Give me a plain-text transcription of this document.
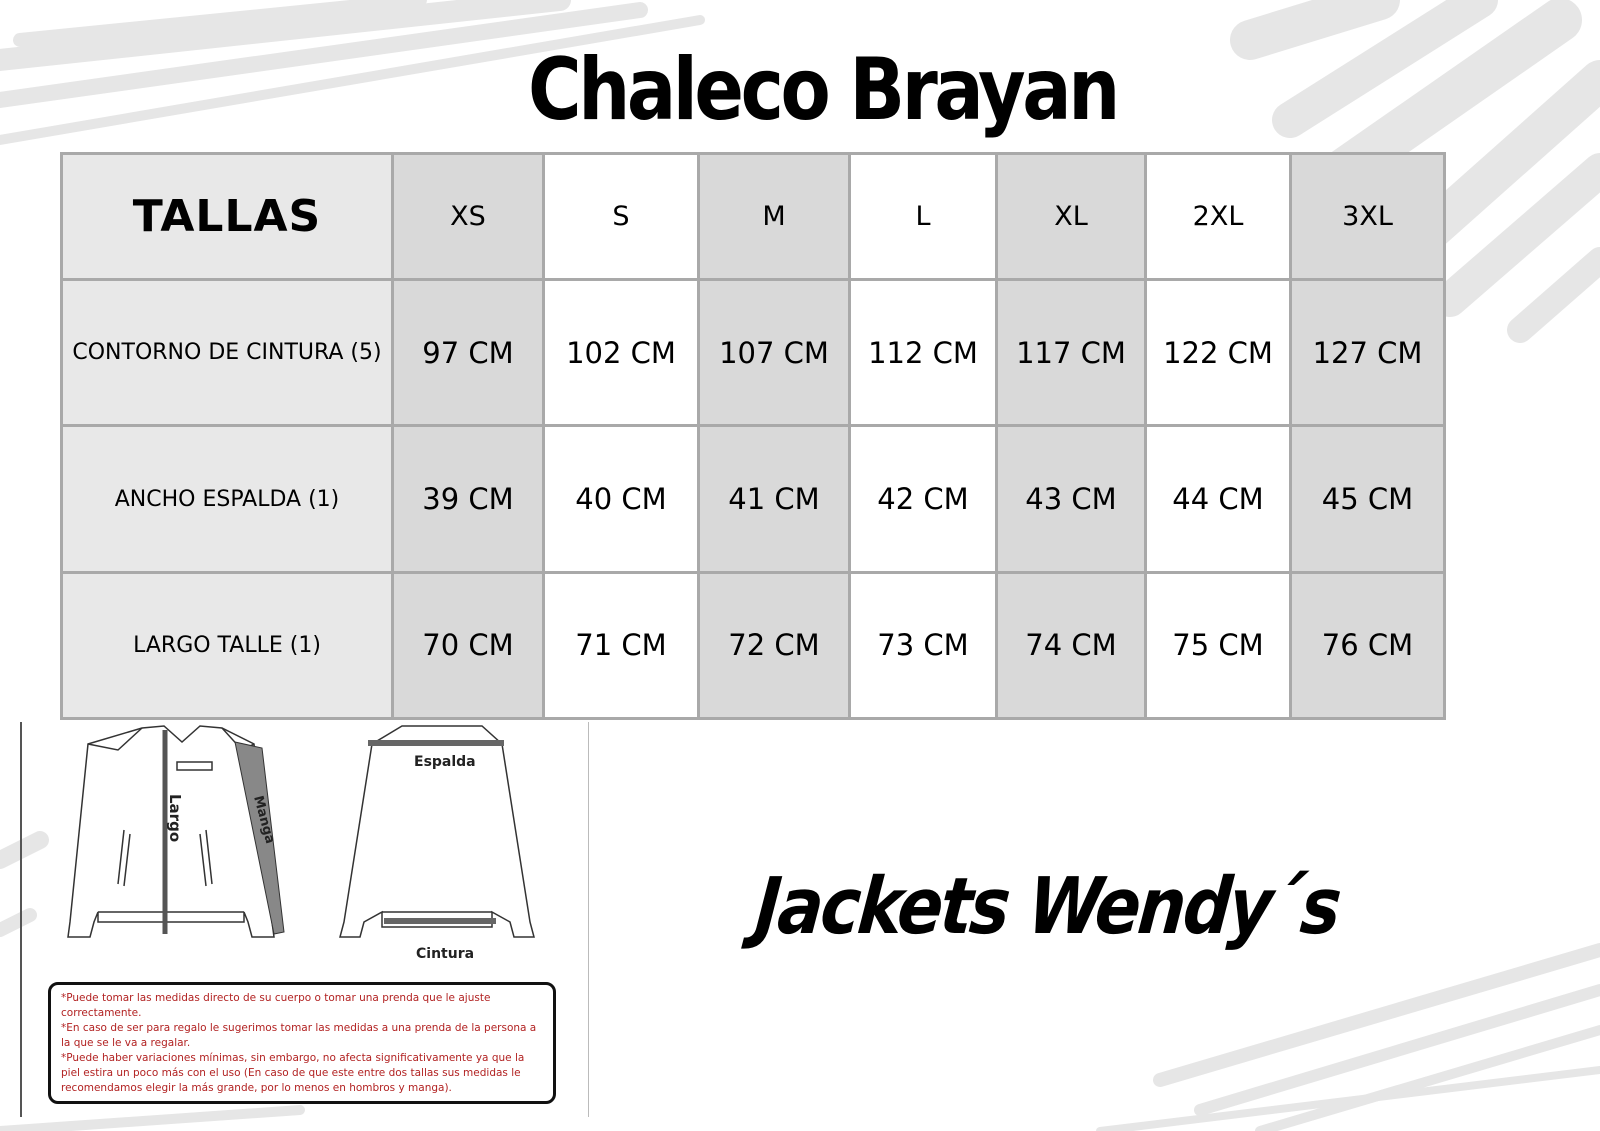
Chaleco Brayan
TALLAS	XS	S	M	L	XL	2XL	3XL
CONTORNO DE CINTURA (5)	97 CM	102 CM	107 CM	112 CM	117 CM	122 CM	127 CM
ANCHO ESPALDA (1)	39 CM	40 CM	41 CM	42 CM	43 CM	44 CM	45 CM
LARGO TALLE (1)	70 CM	71 CM	72 CM	73 CM	74 CM	75 CM	76 CM
Largo	Manga
Espalda
Cintura

*Puede tomar las medidas directo de su cuerpo o tomar una prenda que le ajuste correctamente.

*En caso de ser para regalo le sugerimos tomar las medidas a una prenda de la persona a la que se le va a regalar.

*Puede haber variaciones mínimas, sin embargo, no afecta significativamente ya que la piel estira un poco más con el uso (En caso de que este entre dos tallas sus medidas le recomendamos elegir la más grande, por lo menos en hombros y manga).

Jackets Wendy´s
